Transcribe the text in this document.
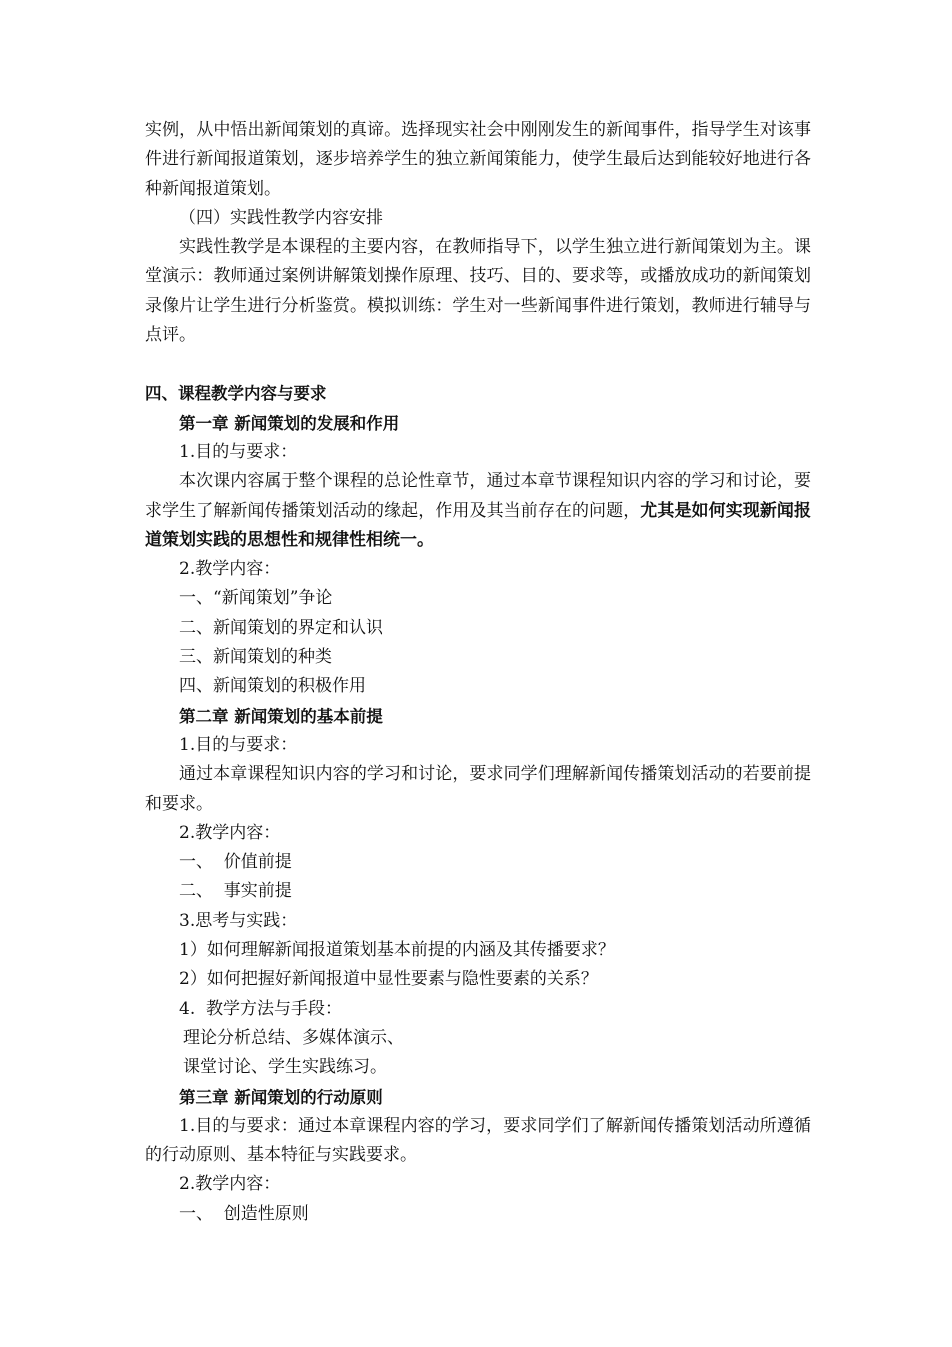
实例，从中悟出新闻策划的真谛。选择现实社会中刚刚发生的新闻事件，指导学生对该事件进行新闻报道策划，逐步培养学生的独立新闻策能力，使学生最后达到能较好地进行各种新闻报道策划。

（四）实践性教学内容安排

实践性教学是本课程的主要内容，在教师指导下，以学生独立进行新闻策划为主。课堂演示：教师通过案例讲解策划操作原理、技巧、目的、要求等，或播放成功的新闻策划录像片让学生进行分析鉴赏。模拟训练：学生对一些新闻事件进行策划，教师进行辅导与点评。

四、课程教学内容与要求

第一章 新闻策划的发展和作用

1.目的与要求：

本次课内容属于整个课程的总论性章节，通过本章节课程知识内容的学习和讨论，要求学生了解新闻传播策划活动的缘起，作用及其当前存在的问题，尤其是如何实现新闻报道策划实践的思想性和规律性相统一。

2.教学内容：

一、“新闻策划”争论

二、新闻策划的界定和认识

三、新闻策划的种类

四、新闻策划的积极作用

第二章 新闻策划的基本前提

1.目的与要求：

通过本章课程知识内容的学习和讨论，要求同学们理解新闻传播策划活动的若要前提和要求。

2.教学内容：

一、  价值前提

二、  事实前提

3.思考与实践：

1）如何理解新闻报道策划基本前提的内涵及其传播要求？

2）如何把握好新闻报道中显性要素与隐性要素的关系？

4.  教学方法与手段：

理论分析总结、多媒体演示、

课堂讨论、学生实践练习。

第三章 新闻策划的行动原则

1.目的与要求：通过本章课程内容的学习，要求同学们了解新闻传播策划活动所遵循的行动原则、基本特征与实践要求。

2.教学内容：

一、  创造性原则
